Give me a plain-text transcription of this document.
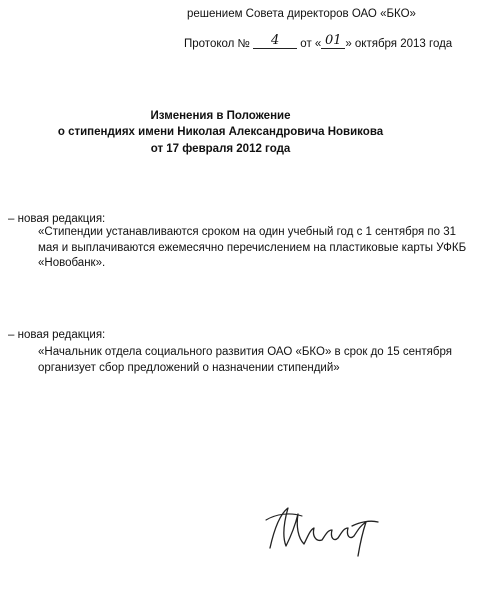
решением Совета директоров ОАО «БКО»
Протокол № 4 от « 01 » октября 2013 года
Изменения в Положение
о стипендиях имени Николая Александровича Новикова
от 17 февраля 2012 года
– новая редакция:
«Стипендии устанавливаются сроком на один учебный год с 1 сентября по 31 мая и выплачиваются ежемесячно перечислением на пластиковые карты УФКБ «Новобанк».
– новая редакция:
«Начальник отдела социального развития ОАО «БКО» в срок до 15 сентября организует сбор предложений о назначении стипендий»
